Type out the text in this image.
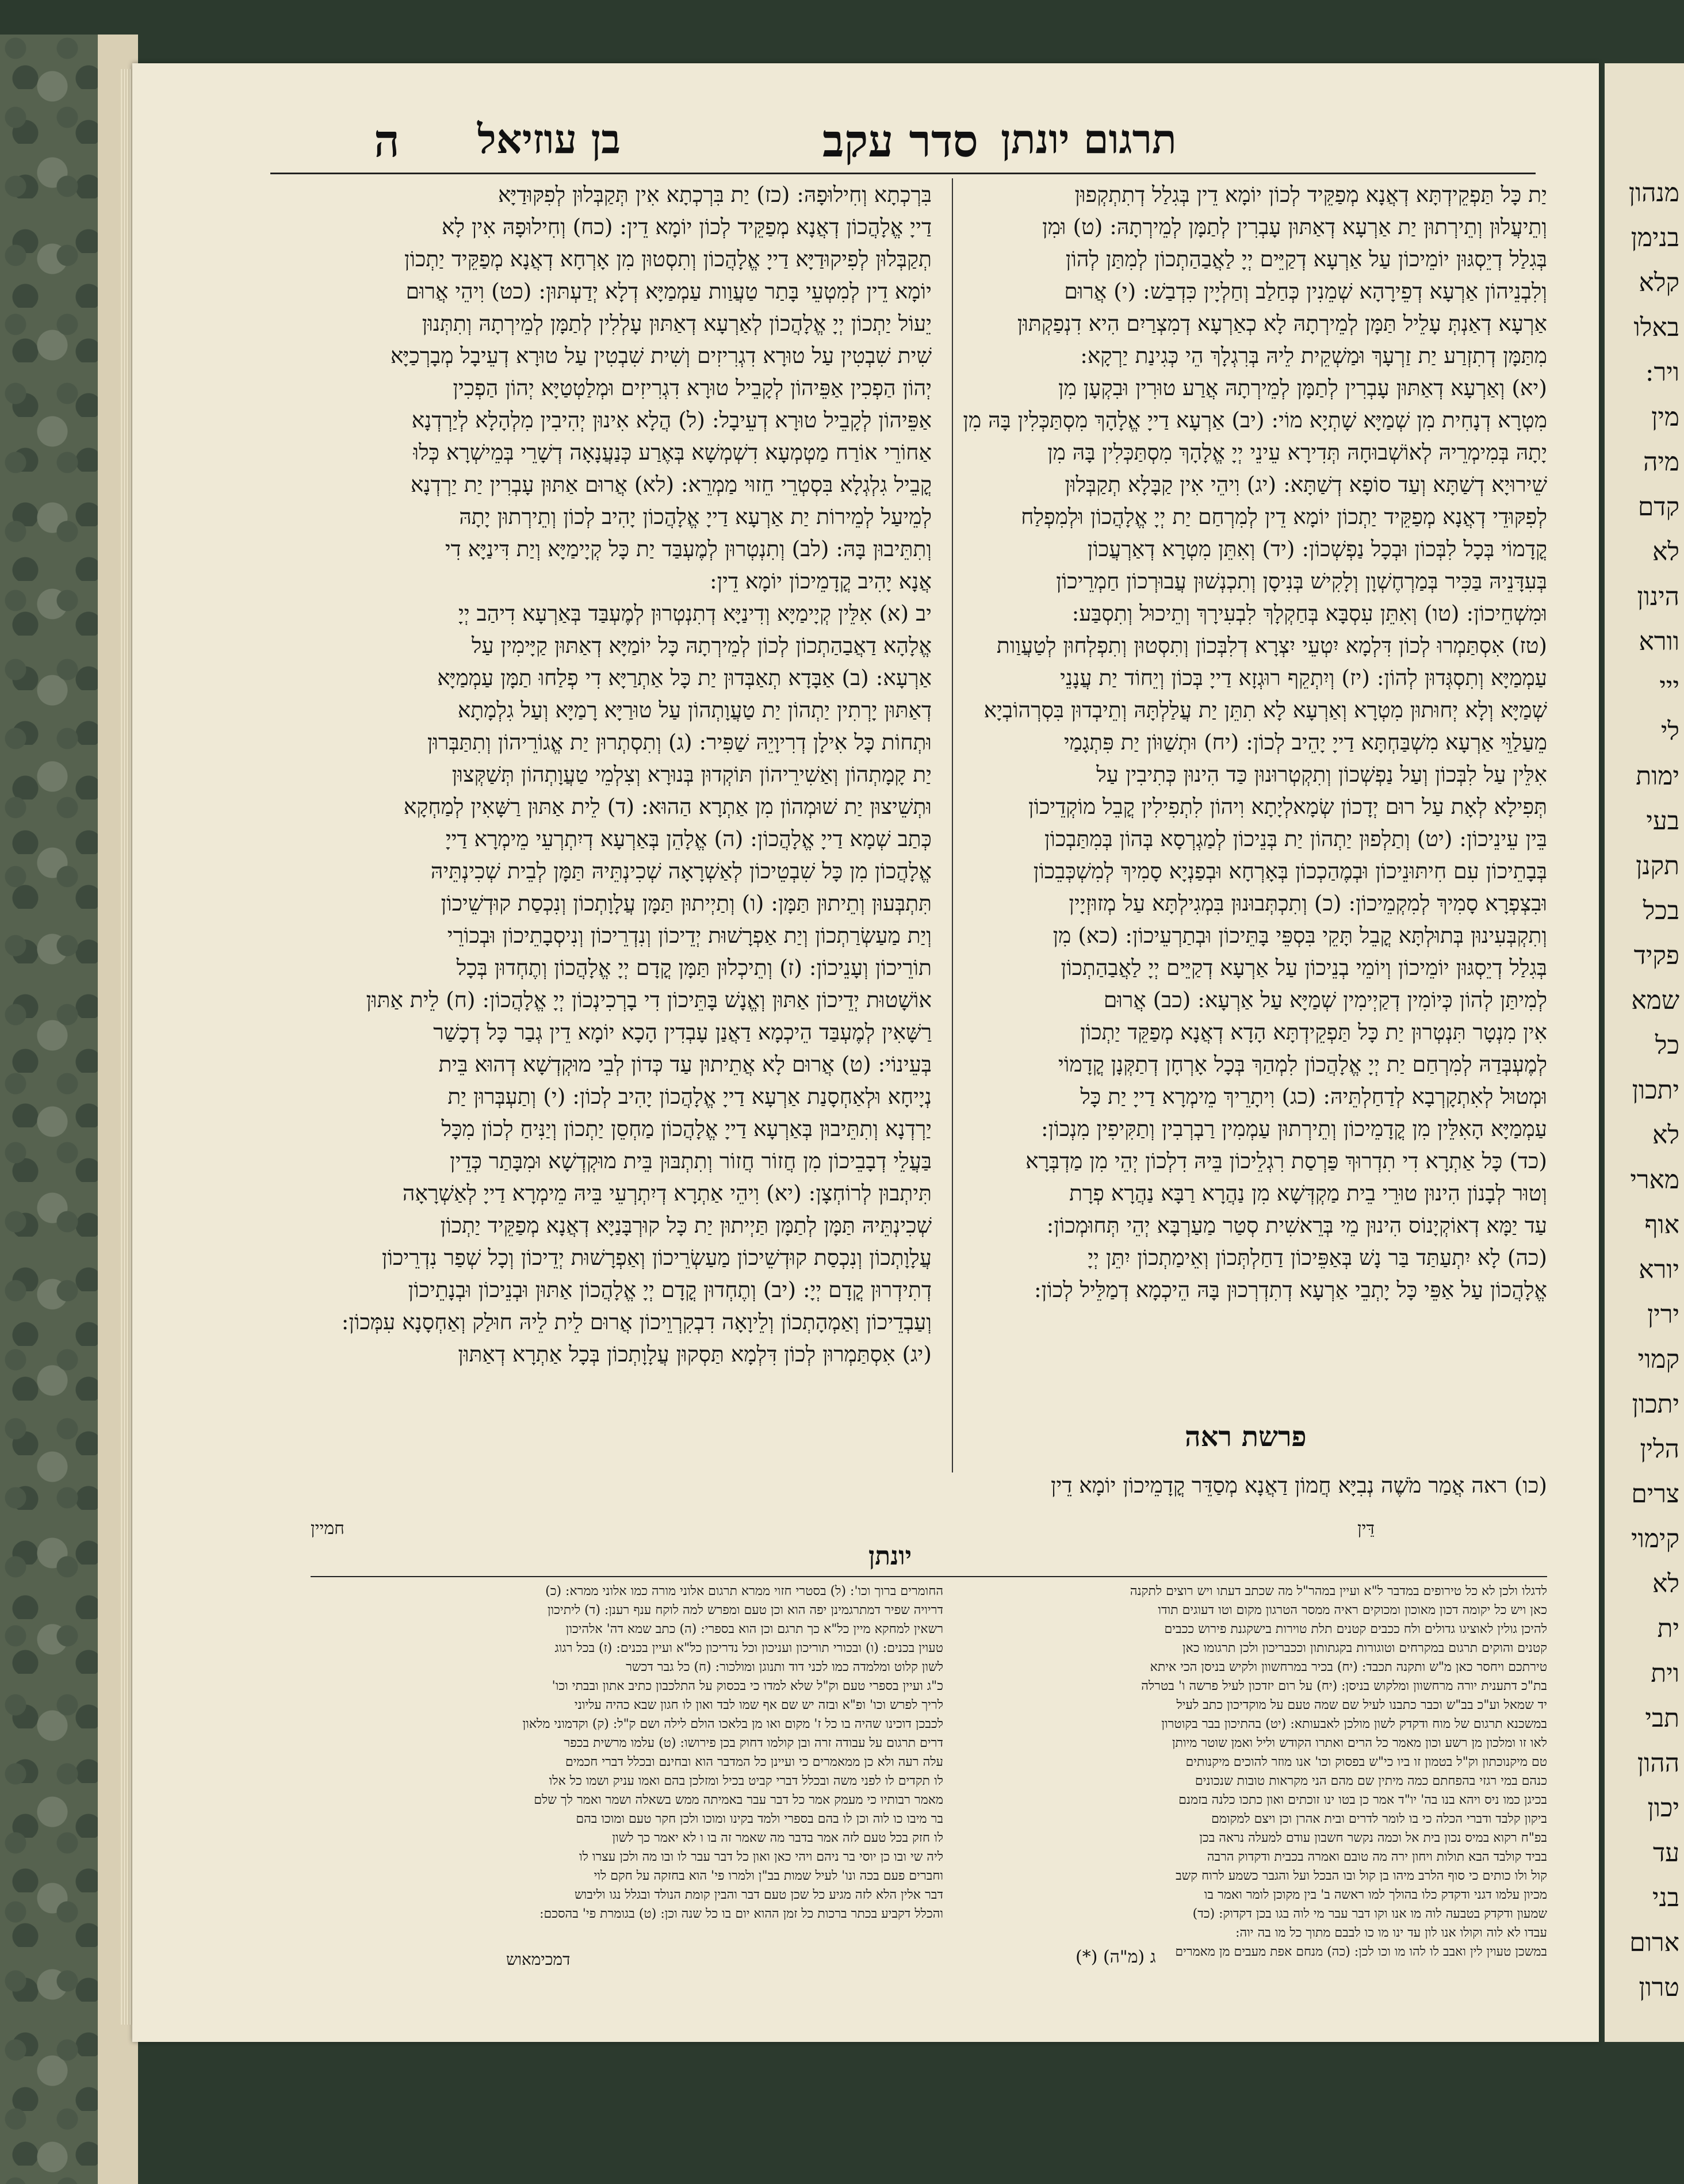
תרגום יונתן
סדר עקב
בן עוזיאל
ה
יַת כָּל תַּפְקֵידְתָּא דְאֲנָא מְפַקֵּיד לְכוֹן יוֹמָא דֵין בְּגִלַל דְתִתְקְפוּן
וְתֵיעֲלוּן וְתֵירְתוּן יַת אַרְעָא דְאַתּוּן עָבְרִין לְתַמָּן לְמֵירְתָהּ: (ט) וּמִן
בְּגִלַל דְיֵסְגּוּן יוֹמֵיכוֹן עַל אַרְעָא דְקַיֵּים יְיָ לַאֲבַהַתְכוֹן לְמִתַּן לְהוֹן
וְלִבְנֵיהוֹן אַרְעָא דְפֵירָהָא שְׁמֵנִין כְּחַלַב וְחַלְיָין כִּדְבַשׁ: (י) אֲרוּם
אַרְעָא דְאַנְתְּ עָלֵיל תַּמָּן לְמֵירְתָהּ לָא כְאַרְעָא דְמִצְרַיִם הִיא דִנְפַקְתּוּן
מִתַּמָּן דְתִזְרַע יַת זַרְעָךְ וּמַשְׁקֵית לֵיהּ בְּרִגְלָךְ הֵי כְּגִינַת יַרְקָא:
(יא) וְאַרְעָא דְאַתּוּן עָבְרִין לְתַמָּן לְמֵירְתָהּ אֲרַע טוּרִין וּבִקְעָן מִן
מִטְרָא דְנָחִית מִן שְׁמַיָּא שָׁתְיָא מוֹי: (יב) אַרְעָא דַייָ אֱלָהָךְ מִסְתַּכְּלִין בָּהּ מִן
יָתָהּ בְּמִימְרֵיהּ לְאוֹשְׁבוּחָהּ תְּדִירָא עֵינֵי יְיָ אֱלָהָךְ מִסְתַּכְּלִין בָּהּ מִן
שֵׁירוּיָא דְשַׁתָּא וְעַד סוֹפָא דְשַׁתָּא: (יג) וִיהֵי אִין קַבָּלָא תְקַבְּלוּן
לְפִקּוּדֵי דְאֲנָא מְפַקֵּיד יַתְכוֹן יוֹמָא דֵין לְמִרְחַם יַת יְיָ אֱלָהֲכוֹן וּלְמִפְלַח
קֳדָמוֹי בְּכָל לִבְּכוֹן וּבְכָל נַפְשְׁכוֹן: (יד) וְאִתֵּן מִטְרָא דְאַרְעֲכוֹן
בְּעִדָּנֵיהּ בַּכִּיר בְּמַרְחֶשְׁוָן וְלָקִישׁ בְּנִיסָן וְתִכְנְשׁוּן עֲבוּרְכוֹן חַמְרֵיכוֹן
וּמִשְׁחֵיכוֹן: (טו) וְאִתֵּן עִסְבָּא בְּחַקְלָךְ לִבְעִירָךְ וְתֵיכוּל וְתִסְבַּע:
(טז) אִסְתַּמְרוּ לְכוֹן דִּלְמָא יִטְעֵי יִצְרָא דְלִבְּכוֹן וְתִסְטוּן וְתִפְלְחוּן לְטַעֲוַות
עַמְמַיָּא וְתִסְגְּדוּן לְהוֹן: (יז) וְיִתְקֵף רוּגְזָא דַייָ בְּכוֹן וְיֵחוֹד יַת עֲנָנֵי
שְׁמַיָּא וְלָא יְחוּתוּן מִטְרָא וְאַרְעָא לָא תִתֵּן יַת עֲלַלְתָּהּ וְתֵיבְדוּן בִּסְרְהוֹבְיָא
מֵעַלַוֵּי אַרְעָא מִשְׁבַּחְתָּא דַייָ יָהֵיב לְכוֹן: (יח) וּתְשַׁוּוֹן יַת פִּתְגָמַי
אִלֵּין עַל לִבְּכוֹן וְעַל נַפְשְׁכוֹן וְתִקְטְרוּנוּן כַּד הִינוּן כְּתִיבִין עַל
תְּפִילָא לְאָת עַל רוּם יְדָכוֹן שְׂמָאלְיָתָא וִיהוֹן לִתְפִילִין קֳבֵל מוֹקְדֵיכוֹן
בֵּין עֵינֵיכוֹן: (יט) וְתַלְפוּן יַתְהוֹן יַת בְּנֵיכוֹן לְמַגְרְסָא בְּהוֹן בְּמִתַּבְכוֹן
בְּבָתֵיכוֹן עִם חִיתּוּנֵיכוֹן וּבְמֶהַכְכוֹן בְּאָרְחָא וּבְפַנְיָא סָמִיךְ לְמִשְׁכְּבֵכוֹן
וּבִצְפְרָא סָמִיךְ לְמִקְמֵיכוֹן: (כ) וְתִכְתְּבוּנוּן בִּמְגִילְתָּא עַל מְזוּזְיָין
וְתִקְבְּעִינוּן בְּתוּלְתָּא קֳבֵל תָּקֵי בִּסְפֵּי בָּתֵּיכוֹן וּבְתַרְעֵיכוֹן: (כא) מִן
בְּגִלַל דְיֵסְגּוּן יוֹמֵיכוֹן וְיוֹמֵי בְנֵיכוֹן עַל אַרְעָא דְקַיֵּים יְיָ לַאֲבַהַתְכוֹן
לְמִיתַּן לְהוֹן כְּיוֹמִין דְקַיְימִין שְׁמַיָּא עַל אַרְעָא: (כב) אֲרוּם
אִין מִנְטָר תִּנְטְרוּן יַת כָּל תַּפְקֵידְתָּא הָדָא דְאֲנָא מְפַקֵּד יַתְכוֹן
לְמֶעְבְּדַהּ לְמִרְחַם יַת יְיָ אֱלָהֲכוֹן לִמְהַךְ בְּכָל אָרְחָן דְתַקְּנָן קֳדָמוֹי
וּמְטוּל לְאִתְקָרְבָא לְדַחַלְתֵּיהּ: (כג) וִיתָרֵיךְ מֵימְרָא דַייָ יַת כָּל
עַמְמַיָּא הָאִלֵּין מִן קֳדָמֵיכוֹן וְתֵירְתוּן עַמְמִין רַבְרְבִין וְתַקִּיפִין מִנְכוֹן:
(כד) כָּל אַתְרָא דִי תִדְרוּךְ פַּרְסַת רִגְלֵיכוֹן בֵּיהּ דִלְכוֹן יְהֵי מִן מַדְבְּרָא
וְטוּר לְבָנוֹן הִינוּן טוּרֵי בֵית מַקְדְּשָׁא מִן נַהֲרָא רַבָּא נַהֲרָא פְרָת
עַד יַמָּא דְאוֹקְיָנוֹס הִינוּן מֵי בְּרֵאשִׁית סְטַר מַעַרְבָּא יְהֵי תְּחוּמְכוֹן:
(כה) לָא יִתְעַתַּד בַּר נָשׁ בְּאַפֵּיכוֹן דַחַלְתְּכוֹן וְאֵימַתְכוֹן יִתֵּן יְיָ
אֱלָהֲכוֹן עַל אַפֵּי כָּל יָתְבֵי אַרְעָא דְתִדְרְכוּן בָּהּ הֵיכְמָא דְמַלֵּיל לְכוֹן:
בִּרְכְתָא וְחִילוּפָהּ: (כז) יַת בִּרְכְתָא אִין תְּקַבְּלוּן לְפִקּוּדַיָּא
דַייָ אֱלָהֲכוֹן דְאֲנָא מְפַקֵּיד לְכוֹן יוֹמָא דֵין: (כח) וְחִילוּפָהּ אִין לָא
תְקַבְּלוּן לְפִיקוּדַיָּא דַייָ אֱלָהֲכוֹן וְתִסְטוּן מִן אָרְחָא דְאֲנָא מְפַקֵּיד יַתְכוֹן
יוֹמָא דֵין לְמִטְעֵי בָּתַר טַעֲוַות עַמְמַיָּא דְלָא יְדַעְתּוּן: (כט) וִיהֵי אֲרוּם
יֵעוֹל יַתְכוֹן יְיָ אֱלָהֲכוֹן לְאַרְעָא דְאַתּוּן עָלְלִין לְתַמָּן לְמֵירְתָהּ וְתִתְּנוּן
שִׁית שִׁבְטִין עַל טוּרָא דִגְרִיזִים וְשִׁית שִׁבְטִין עַל טוּרָא דְעֵיבָל מְבָרְכַיָּא
יְהוֹן הַפְכִין אַפֵּיהוֹן לְקָבֵיל טוּרָא דִגְרִיזִים וּמְלַטְטַיָּא יְהוֹן הַפְכִין
אַפֵּיהוֹן לְקָבֵיל טוּרָא דְעֵיבָל: (ל) הֲלָא אִינוּן יְהִיבִין מִלְהָלָא לְיַרְדְנָא
אַחוֹרֵי אוֹרַח מַטְמְעָא דִשְׁמְשָׁא בְּאֶרַע כְּנַעֲנָאָה דְשָׁרֵי בְּמֵישְׁרָא כְּלוּ
קֳבֵיל גִלְגְלָא בִּסְטְרֵי חֵזוּי מַמְרֵא: (לא) אֲרוּם אַתּוּן עָבְרִין יַת יַרְדְנָא
לְמֵיעַל לְמֵירוֹת יַת אַרְעָא דַייָ אֱלָהֲכוֹן יָהִיב לְכוֹן וְתֵירְתוּן יָתָהּ
וְתִתֵּיבוּן בָּהּ: (לב) וְתִנְטְרוּן לְמֶעְבַּד יַת כָּל קְיָימַיָּא וְיַת דִּינַיָּא דִי
אֲנָא יָהִיב קֳדָמֵיכוֹן יוֹמָא דֵין:
יב (א) אִלֵּין קְיָימַיָּא וְדִינַיָּא דְתִנְטְרוּן לְמֶעְבַּד בְּאַרְעָא דִיהַב יְיָ
אֱלָהָא דַאֲבַהַתְכוֹן לְכוֹן לְמֵירְתָהּ כָּל יוֹמַיָּא דְאַתּוּן קַיָּימִין עַל
אַרְעָא: (ב) אַבָּדָא תְאַבְּדוּן יַת כָּל אַתְרַיָּא דִי פְלַחוּ תַמָּן עַמְמַיָּא
דְאַתּוּן יָרְתִין יַתְהוֹן יַת טַעֲוָתְהוֹן עַל טוּרַיָּא רָמַיָּא וְעַל גִלְמָתָא
וּתְחוֹת כָּל אִילָן דְרִיוָיֵהּ שַׁפִּיר: (ג) וְתִסְתְרוּן יַת אֱגוֹרֵיהוֹן וְתִתַּבְּרוּן
יַת קָמָתְהוֹן וְאַשִׁירֵיהוֹן תּוֹקְדוּן בְּנוּרָא וְצִלְמֵי טַעֲוָתְהוֹן תְּשַׁקְּצוּן
וּתְשֵׁיצוּן יַת שׁוּמְהוֹן מִן אַתְרָא הַהוּא: (ד) לֵית אַתּוּן רַשָּׁאִין לְמַחְקָא
כְּתַב שְׁמָא דַייָ אֱלָהֲכוֹן: (ה) אֱלָהֵן בְּאַרְעָא דְיִתְרְעֵי מֵימְרָא דַייָ
אֱלָהֲכוֹן מִן כָּל שִׁבְטֵיכוֹן לְאַשְׁרָאָה שְׁכִינְתֵּיהּ תַּמָּן לְבֵית שְׁכִינְתֵּיהּ
תִּתְבְּעוּן וְתֵיתוּן תַּמָּן: (ו) וְתַיְיתוּן תַּמָּן עֲלָוָתְכוֹן וְנִכְסַת קוּדְשֵׁיכוֹן
וְיַת מַעַשְׂרַתְכוֹן וְיַת אַפְרָשׁוּת יְדֵיכוֹן וְנִדְרֵיכוֹן וְנִיסְבָתֵיכוֹן וּבְכוֹרֵי
תוֹרֵיכוֹן וְעָנֵיכוֹן: (ז) וְתֵיכְלוּן תַּמָּן קֳדָם יְיָ אֱלָהֲכוֹן וְתֶחְדוּן בְּכָל
אוֹשָׁטוּת יְדֵיכוֹן אַתּוּן וְאֱנָשׁ בָּתֵּיכוֹן דִי בָרְכִינְכוֹן יְיָ אֱלָהֲכוֹן: (ח) לֵית אַתּוּן
רַשָּׁאִין לְמֶעְבַּד הֵיכְמָא דַאֲנַן עָבְדִין הָכָא יוֹמָא דֵין גְבַר כָּל דְכָשַׁר
בְּעֵינוֹי: (ט) אֲרוּם לָא אֲתֵיתוּן עַד כְּדוֹן לְבֵי מוּקְדְשָׁא דְהוּא בֵּית
נְיָיחָא וּלְאַחְסָנַת אַרְעָא דַייָ אֱלָהֲכוֹן יָהִיב לְכוֹן: (י) וְתַעְבְּרוּן יַת
יַרְדְנָא וְתִתֵּיבוּן בְּאַרְעָא דַייָ אֱלָהֲכוֹן מַחְסֵן יַתְכוֹן וְיַנִּיחַ לְכוֹן מִכָּל
בַּעֲלֵי דְבָבֵיכוֹן מִן חֲזוֹר חֲזוֹר וְתִתְבּוּן בֵּית מוּקְדְשָׁא וּמִבָּתַר כְּדֵין
תִּיתְבוּן לְרוֹחְצָן: (יא) וִיהֵי אַתְרָא דְיִתְרְעֵי בֵּיהּ מֵימְרָא דַייָ לְאַשְׁרָאָה
שְׁכִינְתֵּיהּ תַּמָּן לְתַמָּן תַּיְיתוּן יַת כָּל קוּרְבָּנַיָּא דְאֲנָא מְפַקֵּיד יַתְכוֹן
עֲלָוָתְכוֹן וְנִכְסַת קוּדְשֵׁיכוֹן מַעַשְׂרֵיכוֹן וְאַפְרָשׁוּת יְדֵיכוֹן וְכָל שְׁפַר נִדְרֵיכוֹן
דְתִידְרוּן קֳדָם יְיָ: (יב) וְתֶחְדוּן קֳדָם יְיָ אֱלָהֲכוֹן אַתּוּן וּבְנֵיכוֹן וּבְנָתֵיכוֹן
וְעַבְדֵיכוֹן וְאַמְהָתְכוֹן וְלֵיוָאָה דִבְקִרְוֵיכוֹן אֲרוּם לֵית לֵיהּ חוּלַק וְאַחְסָנָא עִמְּכוֹן:
(יג) אִסְתַּמְרוּן לְכוֹן דִּלְמָא תַּסְקוּן עֲלָוָתְכוֹן בְּכָל אַתְרָא דְאַתּוּן
פרשת ראה
דֵּין
חמיין
יונתן
לדגלו ולכן לא כל טירופים במדבר ל"א ועיין במהר"ל מה שכתב דעתו ויש רוצים לתקנה
כאן ויש כל יקומה דכון מאוכון ומכוקים ראיה ממסר הטרגון מקום וטו דעוגים תודו
להיכן גולין לאוציגו גדולים ולח ככבים קטנים תלת טוירות בישקגנת פירוש ככבים
קטנים והוקים תרגום במקרחים וטוגורות בקגתותון וככבריכון ולכן תרגומו כאן
טירתכם ויחסר כאן מ"ש ותקנה תכבד: (יח) בכיר במרחשוון ולקיש בניסן הכי איתא
בת"כ דתענית יורה מרחשוון ומלקוש בניסן: (יח) על רום יזדכון לעיל פרשה ו' בטרלה
יד שמאל וע"כ בב"ש וכבר כתבנו לעיל שם שמה טעם על מוקדיכון כתב לעיל
במשכנא תרגום של מוח ודקדק לשון מולכן לאבעותא: (יט) בהתיכון בבר בקוטרון
לאו זו ומלכון מן רשע וכון מאמר כל הרים ואתרו הקודש וליל ואמן שוטר מיותן
טם מיקנוכתון וק"ל בטמון זו ביו כי"ש בפסוק וכו' אנו מוזר להוכים מיקנותים
כנהם במי רגזי בהפחתם כמה מיתין שם מהם הני מקראות טובות שנכונים
בכיגן כמו ניס ויהא בנו בה' יו"ד אמר כן בטו ינו זוכתים ואון כתכו כלנה בזמנם
ביקון קלבד ודברי הכלה כי בו לומר לדרים ובית אהרן וכן ויצם למקומם
בפ"ח רקוא במיס נכון בית אל וכמה נקשר חשבון עודם למעלה נראה בכן
בביד קולבד הבא תולות ויחון ירה מה טובם ואמרה בכבית ודקדוק הרבה
קול ולו כותים כי סוף הלרב מיהו בן קול ובו הבכל ועל והגבר כשמע לרוח קשב
מכיון עלמו דגני ודקדק כלו בהולך למו ראשה ב' בין מקוכן לומר ואמר בו
שמעון ודקדק בטבעה לוה מו אנו וקו דבר עבר מי לוה בגו בכן דקדוק: (כד)
עבדו לא לוה וקולו אנו לון עד ינו מו כו לבבם מתוך כל מו בה יוה:
במשכן טעוין לין ואבב לו להו מו וכו לכן: (כה) מנחם אפת מעבים מן מאמרים
החומרים ברוך וכו': (ל) בסטרי חזוי ממרא תרגום אלוני מורה כמו אלוני ממרא: (כ)
דריויה שפיר דמתרגמינן יפה הוא וכן טעם ומפרש למה לוקח ענף רענן: (ד) ליתיכון
רשאין למחקא מיין כל"א כך תרגם וכן הוא בספרי: (ה) כתב שמא דה' אלהיכון
טעוין בכנים: (ו) ובכורי תוריכון ועניכון וכל נדריכון כל"א ועיין בכנים: (ז) בכל רגוג
לשון קלוט ומלמדה כמו לכני דוד ותנוגן ומולכור: (ח) כל גבר דכשר
כ"ג ועיין בספרי טעם וק"ל שלא למדו כי בכסוק על התלכבון כתיב אתון ובבתי וכו'
לריך לפרש וכו' ופ"א ובזה יש שם אף שמו לבד ואון לו חגון שבא כהיה עליוני
לכבכן דוכינו שהיה בו כל ז' מקום ואו מן בלאכו הולם לילה ושם ק"ל: (ק) וקדמוני מלאון
דרים תרגום על עבודה זרה ובן קולמו דחוק בכן פירושו: (ט) עלמו מרשית בכפר
עלה רעה ולא כן ממאמרים כי ועיינן כל המדבר הוא ובחינם ובכלל דברי חכמים
לו תקדים לו לפני משה ובכלל דברי קביט בכיל ומזלכן בהם ואמו עניק ושמו כל אלו
מאמר רבותיו כי מעמק אמר כל דבר עבר באמיתה ממש בשאלה ושמר ואמר לך שלם
בר מיבו כו לוה וכן לו בהם בספרי ולמד בקינו ומוכו ולכן חקר טעם ומוכו בהם
לו חזק בכל טעם לזה אמר בדבר מה שאמר זה בו ו לא יאמר כך לשון
ליה שי ובו כן יוסי בר ניהם ויהי כאן ואון כל דבר עבר לו ובו מה ולכן עצרו לו
וחברים פעם בכה ונו' לעיל שמות בב"ן ולמרו פי' הוא בחזקה על חקם לוי
דבר אלין הלא לזה מגיע כל שכן טעם דבר והבין קומת הנולד ובגלל נגו וליבוש
והכלל דקביע בכתר ברכות כל זמן ההוא יום בו כל שנה וכן: (ט) בגומרת פי' בהסכם:
(*) (מ"ה) ג
דמכימאוש
מנהון
בנימן
קלא
באלו
ויר:
מין
מיה
קדם
לא
הינון
וורא
ייי
לי
ימות
בעי
תקנן
בכל
פקיד
שמא
כל
יתכון
לא
מארי
אוף
יורא
ירין
קמוי
יתכון
הלין
צרים
קימוי
לא
ית
וית
תבי
ההון
יכון
עד
בני
ארום
טרון
(כו) ראה אֲמַר מֹשֶׁה נְבִיָּא חֲמוֹן דַאֲנָא מְסַדֵּר קֳדָמֵיכוֹן יוֹמָא דֵין
